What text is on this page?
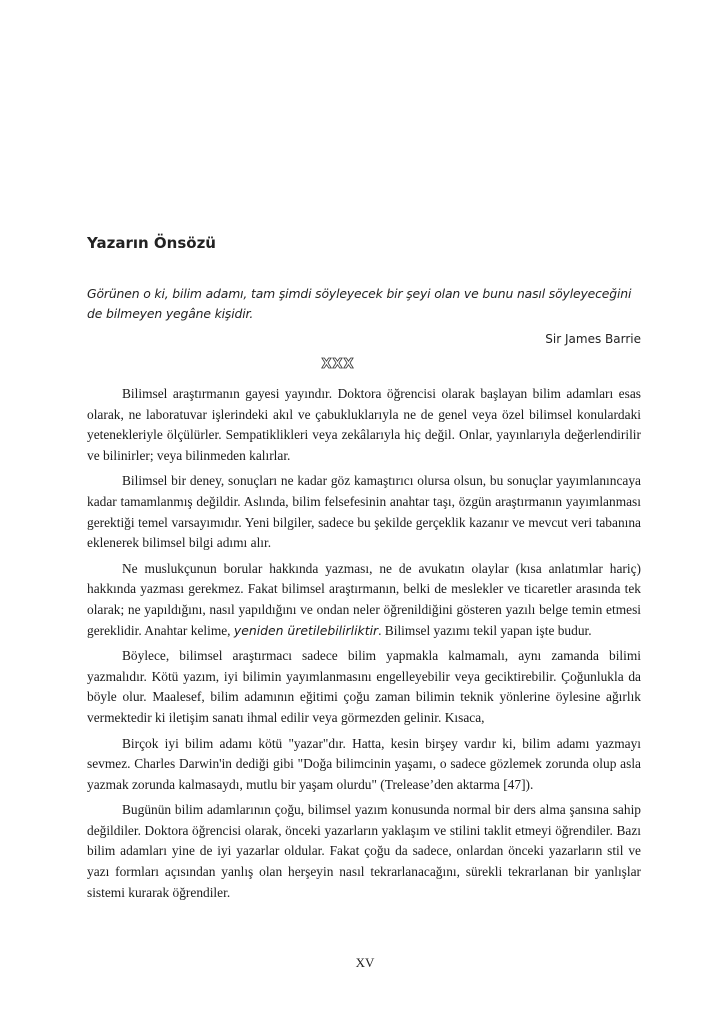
Yazarın Önsözü

Görünen o ki, bilim adamı, tam şimdi söyleyecek bir şeyi olan ve bunu nasıl söyleyeceğini de bilmeyen yegâne kişidir.

Sir James Barrie

XXX

Bilimsel araştırmanın gayesi yayındır. Doktora öğrencisi olarak başlayan bilim adamları esas olarak, ne laboratuvar işlerindeki akıl ve çabukluklarıyla ne de genel veya özel bilimsel konulardaki yetenekleriyle ölçülürler. Sempatiklikleri veya zekâlarıyla hiç değil. Onlar, yayınlarıyla değerlendirilir ve bilinirler; veya bilinmeden kalırlar.

Bilimsel bir deney, sonuçları ne kadar göz kamaştırıcı olursa olsun, bu sonuçlar yayımlanıncaya kadar tamamlanmış değildir. Aslında, bilim felsefesinin anahtar taşı, özgün araştırmanın yayımlanması gerektiği temel varsayımıdır. Yeni bilgiler, sadece bu şekilde gerçeklik kazanır ve mevcut veri tabanına eklenerek bilimsel bilgi adımı alır.

Ne muslukçunun borular hakkında yazması, ne de avukatın olaylar (kısa anlatımlar hariç) hakkında yazması gerekmez. Fakat bilimsel araştırmanın, belki de meslekler ve ticaretler arasında tek olarak; ne yapıldığını, nasıl yapıldığını ve ondan neler öğrenildiğini gösteren yazılı belge temin etmesi gereklidir. Anahtar kelime, yeniden üretilebilirliktir. Bilimsel yazımı tekil yapan işte budur.

Böylece, bilimsel araştırmacı sadece bilim yapmakla kalmamalı, aynı zamanda bilimi yazmalıdır. Kötü yazım, iyi bilimin yayımlanmasını engelleyebilir veya geciktirebilir. Çoğunlukla da böyle olur. Maalesef, bilim adamının eğitimi çoğu zaman bilimin teknik yönlerine öylesine ağırlık vermektedir ki iletişim sanatı ihmal edilir veya görmezden gelinir. Kısaca,

Birçok iyi bilim adamı kötü "yazar"dır. Hatta, kesin birşey vardır ki, bilim adamı yazmayı sevmez. Charles Darwin'in dediği gibi "Doğa bilimcinin yaşamı, o sadece gözlemek zorunda olup asla yazmak zorunda kalmasaydı, mutlu bir yaşam olurdu" (Trelease’den aktarma [47]).

Bugünün bilim adamlarının çoğu, bilimsel yazım konusunda normal bir ders alma şansına sahip değildiler. Doktora öğrencisi olarak, önceki yazarların yaklaşım ve stilini taklit etmeyi öğrendiler. Bazı bilim adamları yine de iyi yazarlar oldular. Fakat çoğu da sadece, onlardan önceki yazarların stil ve yazı formları açısından yanlış olan herşeyin nasıl tekrarlanacağını, sürekli tekrarlanan bir yanlışlar sistemi kurarak öğrendiler.

XV
